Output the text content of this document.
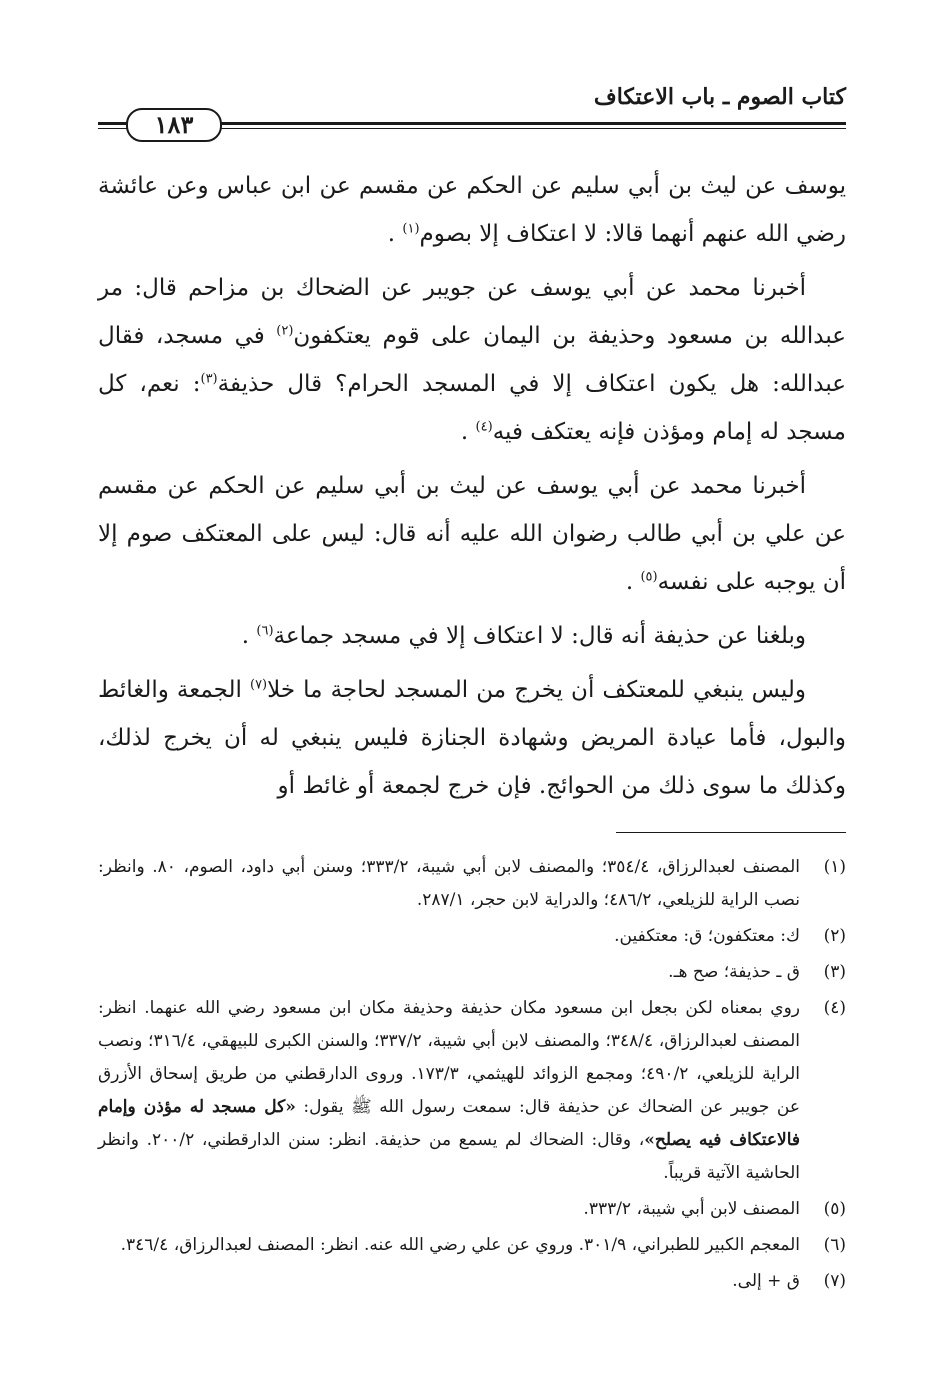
كتاب الصوم ـ باب الاعتكاف
١٨٣

يوسف عن ليث بن أبي سليم عن الحكم عن مقسم عن ابن عباس وعن عائشة رضي الله عنهم أنهما قالا: لا اعتكاف إلا بصوم$^{(١)}$ .

أخبرنا محمد عن أبي يوسف عن جويبر عن الضحاك بن مزاحم قال: مر عبدالله بن مسعود وحذيفة بن اليمان على قوم يعتكفون$^{(٢)}$ في مسجد، فقال عبدالله: هل يكون اعتكاف إلا في المسجد الحرام؟ قال حذيفة$^{(٣)}$: نعم، كل مسجد له إمام ومؤذن فإنه يعتكف فيه$^{(٤)}$ .

أخبرنا محمد عن أبي يوسف عن ليث بن أبي سليم عن الحكم عن مقسم عن علي بن أبي طالب رضوان الله عليه أنه قال: ليس على المعتكف صوم إلا أن يوجبه على نفسه$^{(٥)}$ .

وبلغنا عن حذيفة أنه قال: لا اعتكاف إلا في مسجد جماعة$^{(٦)}$ .

وليس ينبغي للمعتكف أن يخرج من المسجد لحاجة ما خلا$^{(٧)}$ الجمعة والغائط والبول، فأما عيادة المريض وشهادة الجنازة فليس ينبغي له أن يخرج لذلك، وكذلك ما سوى ذلك من الحوائج. فإن خرج لجمعة أو غائط أو

(١)
المصنف لعبدالرزاق، ٣٥٤/٤؛ والمصنف لابن أبي شيبة، ٣٣٣/٢؛ وسنن أبي داود، الصوم، ٨٠. وانظر: نصب الراية للزيلعي، ٤٨٦/٢؛ والدراية لابن حجر، ٢٨٧/١.
(٢)
ك: معتكفون؛ ق: معتكفين.
(٣)
ق ـ حذيفة؛ صح هـ.
(٤)
روي بمعناه لكن بجعل ابن مسعود مكان حذيفة وحذيفة مكان ابن مسعود رضي الله عنهما. انظر: المصنف لعبدالرزاق، ٣٤٨/٤؛ والمصنف لابن أبي شيبة، ٣٣٧/٢؛ والسنن الكبرى للبيهقي، ٣١٦/٤؛ ونصب الراية للزيلعي، ٤٩٠/٢؛ ومجمع الزوائد للهيثمي، ١٧٣/٣. وروى الدارقطني من طريق إسحاق الأزرق عن جويبر عن الضحاك عن حذيفة قال: سمعت رسول الله ﷺ يقول: «كل مسجد له مؤذن وإمام فالاعتكاف فيه يصلح»، وقال: الضحاك لم يسمع من حذيفة. انظر: سنن الدارقطني، ٢٠٠/٢. وانظر الحاشية الآتية قريباً.
(٥)
المصنف لابن أبي شيبة، ٣٣٣/٢.
(٦)
المعجم الكبير للطبراني، ٣٠١/٩. وروي عن علي رضي الله عنه. انظر: المصنف لعبدالرزاق، ٣٤٦/٤.
(٧)
ق + إلى.
